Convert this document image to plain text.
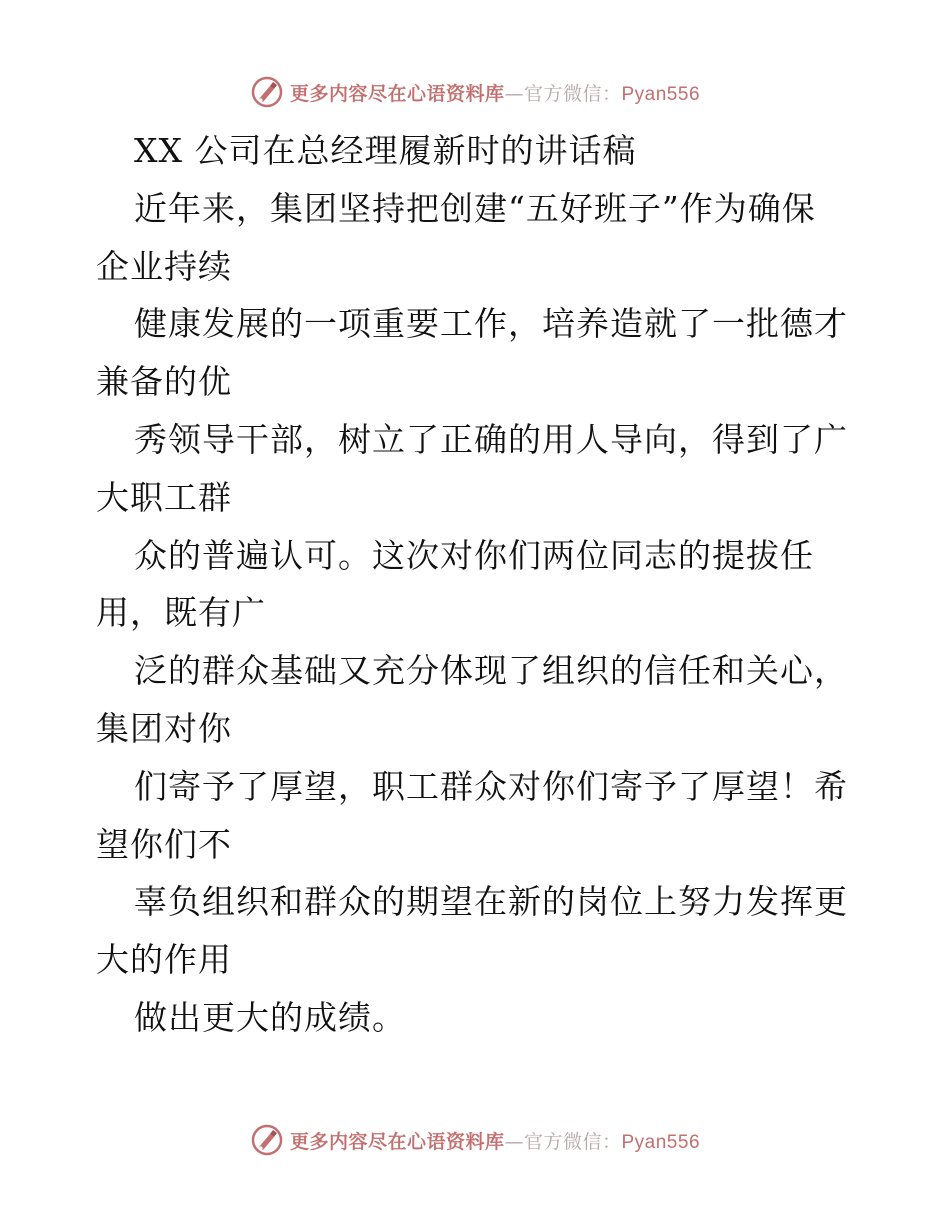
更多内容尽在心语资料库—官方微信：Pyan556
XX 公司在总经理履新时的讲话稿
近年来，集团坚持把创建“五好班子”作为确保
企业持续
健康发展的一项重要工作，培养造就了一批德才
兼备的优
秀领导干部，树立了正确的用人导向，得到了广
大职工群
众的普遍认可。这次对你们两位同志的提拔任
用，既有广
泛的群众基础又充分体现了组织的信任和关心，
集团对你
们寄予了厚望，职工群众对你们寄予了厚望！希
望你们不
辜负组织和群众的期望在新的岗位上努力发挥更
大的作用
做出更大的成绩。
更多内容尽在心语资料库—官方微信：Pyan556
